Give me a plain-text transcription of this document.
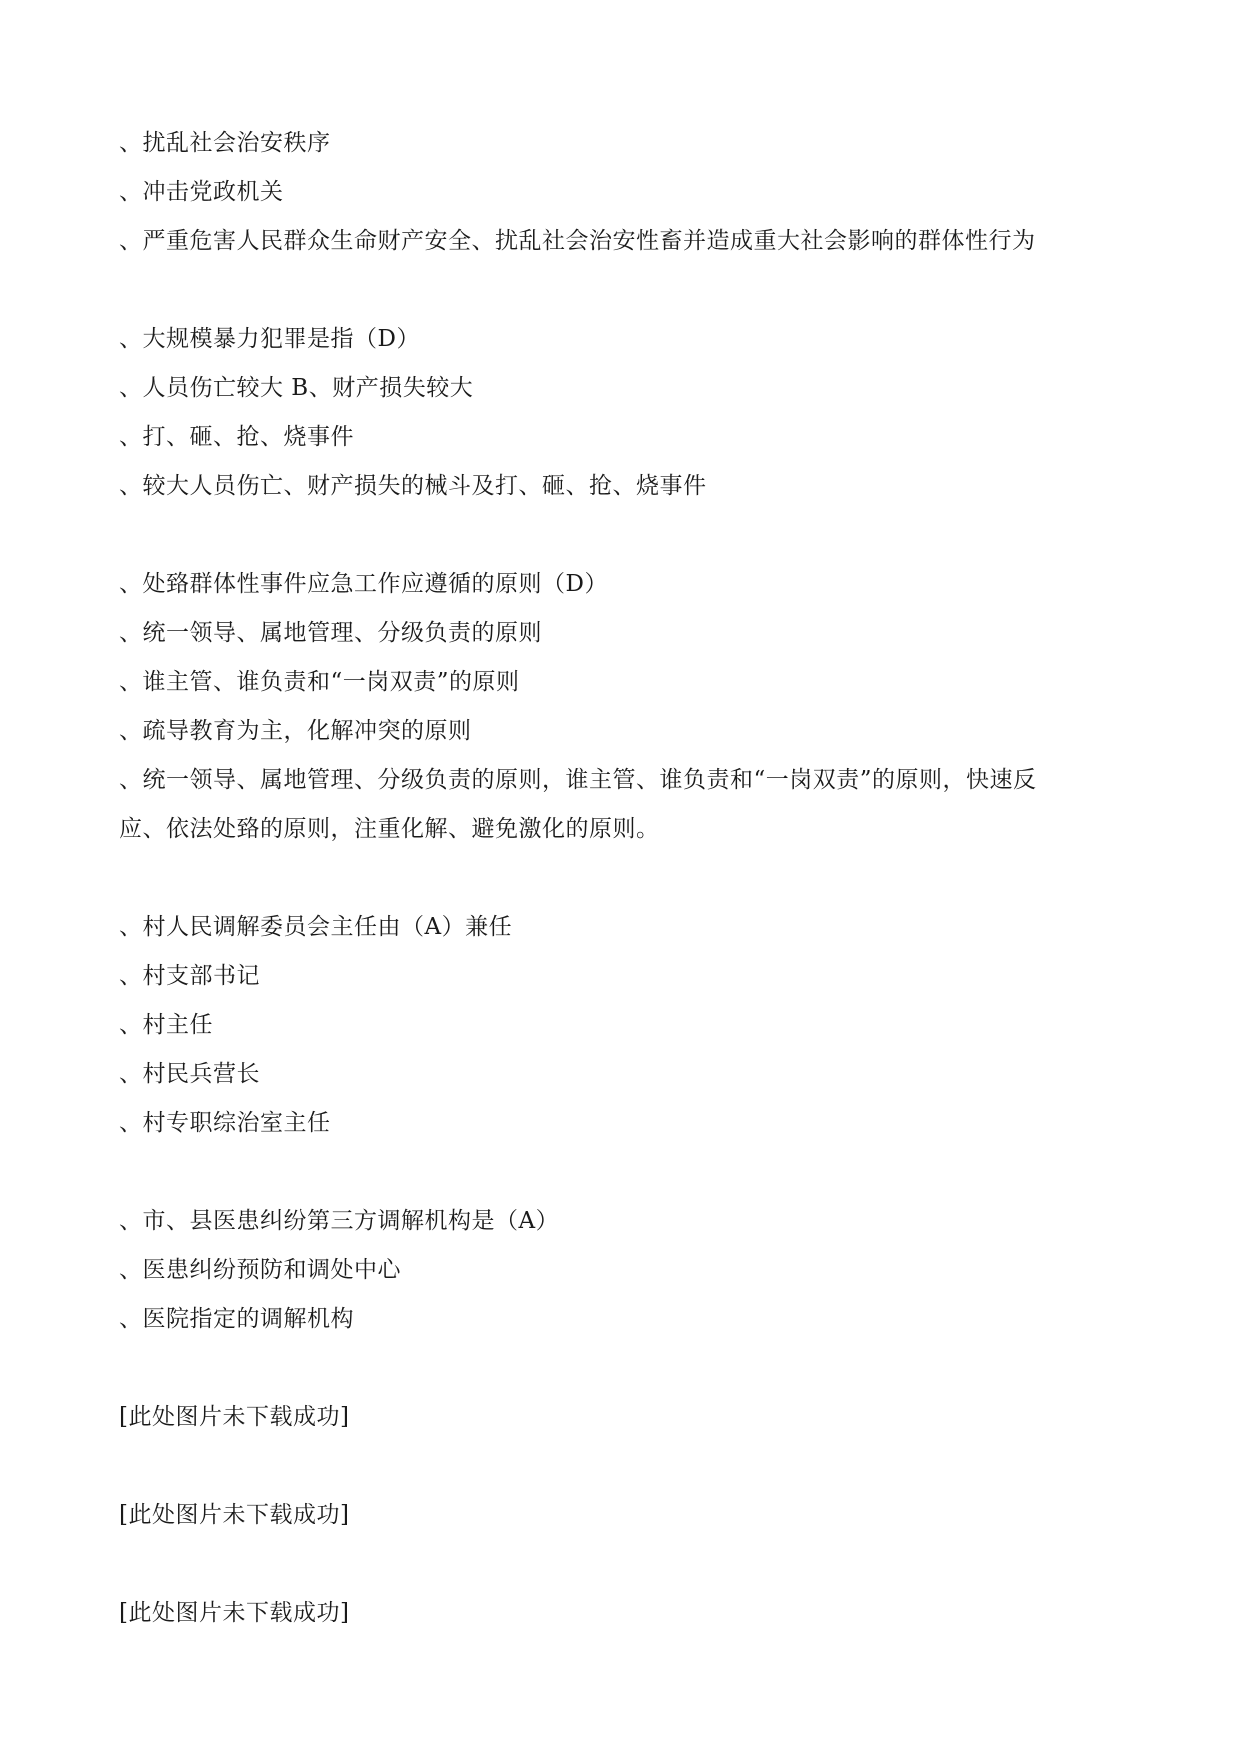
、扰乱社会治安秩序
、冲击党政机关
、严重危害人民群众生命财产安全、扰乱社会治安性畜并造成重大社会影响的群体性行为
、大规模暴力犯罪是指（D）
、人员伤亡较大 B、财产损失较大
、打、砸、抢、烧事件
、较大人员伤亡、财产损失的械斗及打、砸、抢、烧事件
、处臵群体性事件应急工作应遵循的原则（D）
、统一领导、属地管理、分级负责的原则
、谁主管、谁负责和“一岗双责”的原则
、疏导教育为主，化解冲突的原则
、统一领导、属地管理、分级负责的原则，谁主管、谁负责和“一岗双责”的原则，快速反
应、依法处臵的原则，注重化解、避免激化的原则。
、村人民调解委员会主任由（A）兼任
、村支部书记
、村主任
、村民兵营长
、村专职综治室主任
、市、县医患纠纷第三方调解机构是（A）
、医患纠纷预防和调处中心
、医院指定的调解机构
[此处图片未下载成功]
[此处图片未下载成功]
[此处图片未下载成功]
